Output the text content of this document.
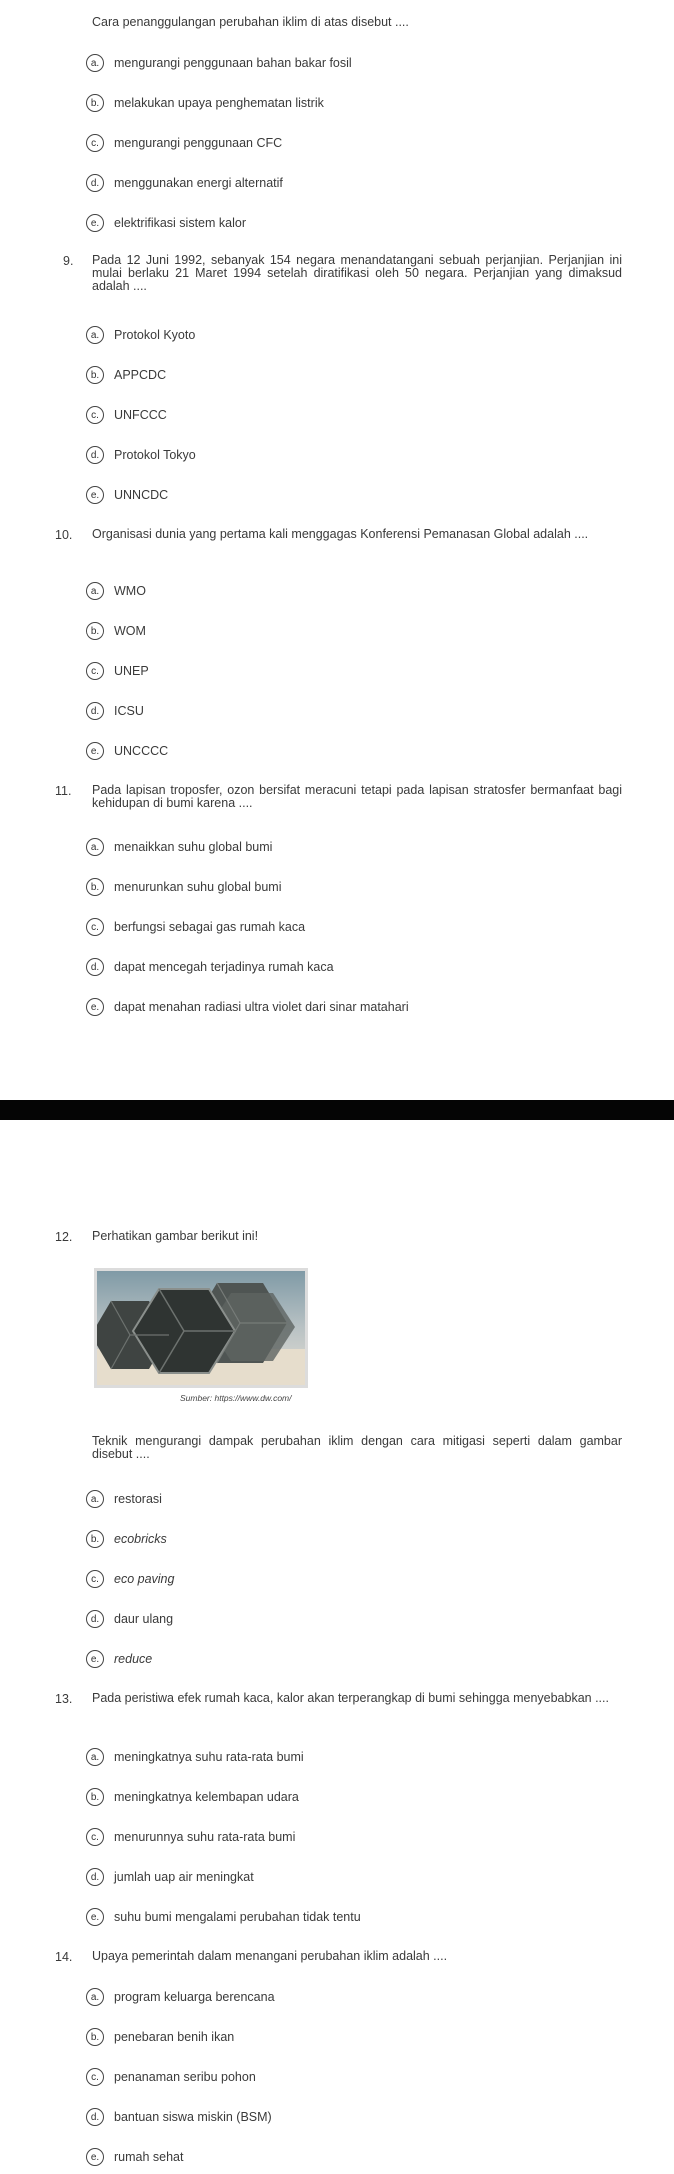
Cara penanggulangan perubahan iklim di atas disebut ....
a.	mengurangi penggunaan bahan bakar fosil
b.	melakukan upaya penghematan listrik
c.	mengurangi penggunaan CFC
d.	menggunakan energi alternatif
e.	elektrifikasi sistem kalor
9. Pada 12 Juni 1992, sebanyak 154 negara menandatangani sebuah perjanjian. Perjanjian ini mulai berlaku 21 Maret 1994 setelah diratifikasi oleh 50 negara. Perjanjian yang dimaksud adalah ....
a.	Protokol Kyoto
b.	APPCDC
c.	UNFCCC
d.	Protokol Tokyo
e.	UNNCDC
10. Organisasi dunia yang pertama kali menggagas Konferensi Pemanasan Global adalah ....
a.	WMO
b.	WOM
c.	UNEP
d.	ICSU
e.	UNCCCC
11. Pada lapisan troposfer, ozon bersifat meracuni tetapi pada lapisan stratosfer bermanfaat bagi kehidupan di bumi karena ....
a.	menaikkan suhu global bumi
b.	menurunkan suhu global bumi
c.	berfungsi sebagai gas rumah kaca
d.	dapat mencegah terjadinya rumah kaca
e.	dapat menahan radiasi ultra violet dari sinar matahari
12. Perhatikan gambar berikut ini!
Sumber: https://www.dw.com/
Teknik mengurangi dampak perubahan iklim dengan cara mitigasi seperti dalam gambar disebut ....
a.	restorasi
b.	ecobricks
c.	eco paving
d.	daur ulang
e.	reduce
13. Pada peristiwa efek rumah kaca, kalor akan terperangkap di bumi sehingga menyebabkan ....
a.	meningkatnya suhu rata-rata bumi
b.	meningkatnya kelembapan udara
c.	menurunnya suhu rata-rata bumi
d.	jumlah uap air meningkat
e.	suhu bumi mengalami perubahan tidak tentu
14. Upaya pemerintah dalam menangani perubahan iklim adalah ....
a.	program keluarga berencana
b.	penebaran benih ikan
c.	penanaman seribu pohon
d.	bantuan siswa miskin (BSM)
e.	rumah sehat
